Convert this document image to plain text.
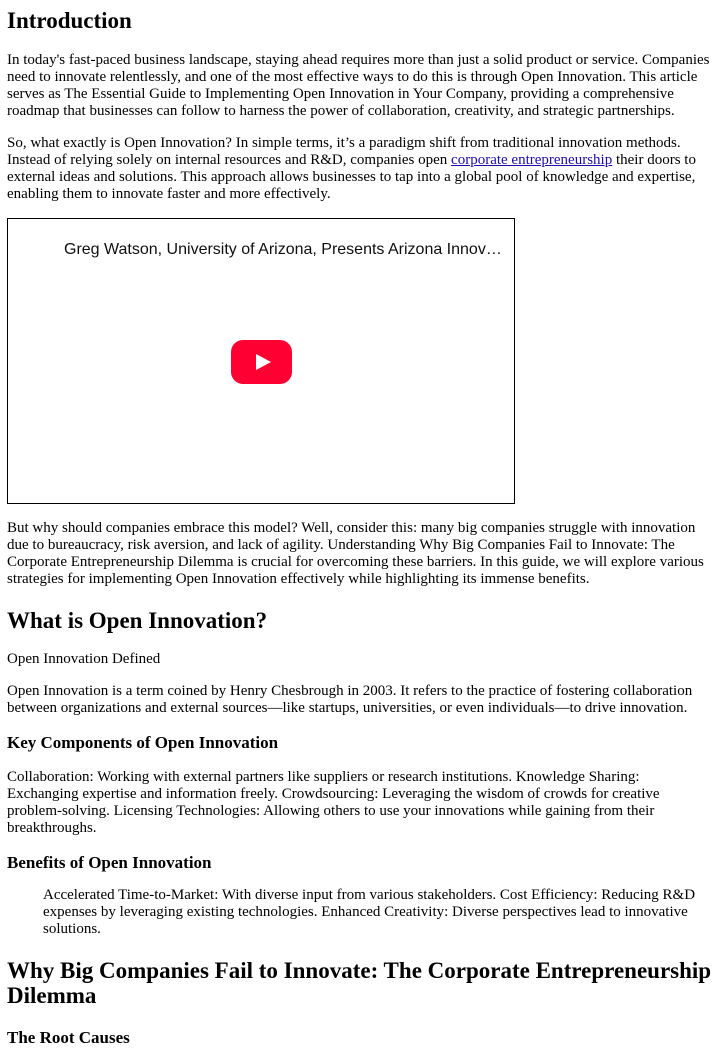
Introduction

In today's fast-paced business landscape, staying ahead requires more than just a solid product or service. Companies need to innovate relentlessly, and one of the most effective ways to do this is through Open Innovation. This article serves as The Essential Guide to Implementing Open Innovation in Your Company, providing a comprehensive roadmap that businesses can follow to harness the power of collaboration, creativity, and strategic partnerships.

So, what exactly is Open Innovation? In simple terms, it’s a paradigm shift from traditional innovation methods. Instead of relying solely on internal resources and R&D, companies open corporate entrepreneurship their doors to external ideas and solutions. This approach allows businesses to tap into a global pool of knowledge and expertise, enabling them to innovate faster and more effectively.

Greg Watson, University of Arizona, Presents Arizona Innov…

But why should companies embrace this model? Well, consider this: many big companies struggle with innovation due to bureaucracy, risk aversion, and lack of agility. Understanding Why Big Companies Fail to Innovate: The Corporate Entrepreneurship Dilemma is crucial for overcoming these barriers. In this guide, we will explore various strategies for implementing Open Innovation effectively while highlighting its immense benefits.

What is Open Innovation?

Open Innovation Defined

Open Innovation is a term coined by Henry Chesbrough in 2003. It refers to the practice of fostering collaboration between organizations and external sources—like startups, universities, or even individuals—to drive innovation.

Key Components of Open Innovation

Collaboration: Working with external partners like suppliers or research institutions. Knowledge Sharing: Exchanging expertise and information freely. Crowdsourcing: Leveraging the wisdom of crowds for creative problem-solving. Licensing Technologies: Allowing others to use your innovations while gaining from their breakthroughs.

Benefits of Open Innovation

Accelerated Time-to-Market: With diverse input from various stakeholders. Cost Efficiency: Reducing R&D expenses by leveraging existing technologies. Enhanced Creativity: Diverse perspectives lead to innovative solutions.

Why Big Companies Fail to Innovate: The Corporate Entrepreneurship Dilemma
The Root Causes
